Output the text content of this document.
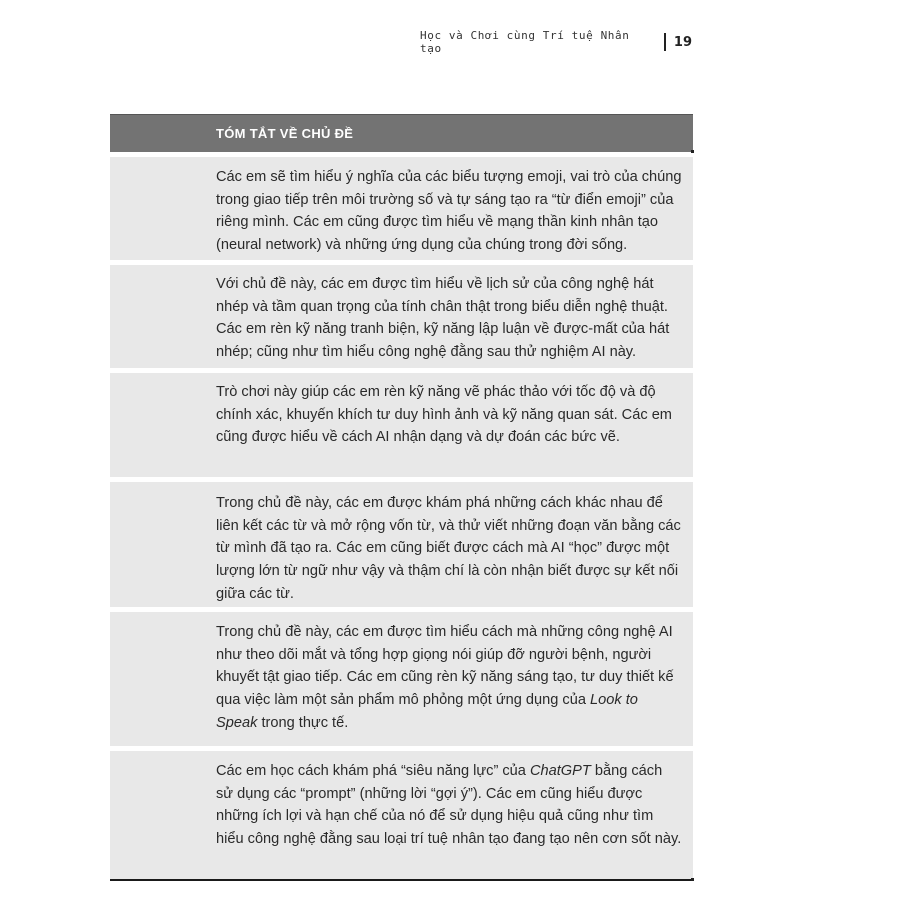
Học và Chơi cùng Trí tuệ Nhân tạo	19
TÓM TẮT VỀ CHỦ ĐỀ

Các em sẽ tìm hiểu ý nghĩa của các biểu tượng emoji, vai trò của chúng trong giao tiếp trên môi trường số và tự sáng tạo ra “từ điển emoji” của riêng mình. Các em cũng được tìm hiểu về mạng thần kinh nhân tạo (neural network) và những ứng dụng của chúng trong đời sống.

Với chủ đề này, các em được tìm hiểu về lịch sử của công nghệ hát nhép và tầm quan trọng của tính chân thật trong biểu diễn nghệ thuật. Các em rèn kỹ năng tranh biện, kỹ năng lập luận về được-mất của hát nhép; cũng như tìm hiểu công nghệ đằng sau thử nghiệm AI này.

Trò chơi này giúp các em rèn kỹ năng vẽ phác thảo với tốc độ và độ chính xác, khuyến khích tư duy hình ảnh và kỹ năng quan sát. Các em cũng được hiểu về cách AI nhận dạng và dự đoán các bức vẽ.

Trong chủ đề này, các em được khám phá những cách khác nhau để liên kết các từ và mở rộng vốn từ, và thử viết những đoạn văn bằng các từ mình đã tạo ra. Các em cũng biết được cách mà AI “học” được một lượng lớn từ ngữ như vậy và thậm chí là còn nhận biết được sự kết nối giữa các từ.

Trong chủ đề này, các em được tìm hiểu cách mà những công nghệ AI như theo dõi mắt và tổng hợp giọng nói giúp đỡ người bệnh, người khuyết tật giao tiếp. Các em cũng rèn kỹ năng sáng tạo, tư duy thiết kế qua việc làm một sản phẩm mô phỏng một ứng dụng của Look to Speak trong thực tế.

Các em học cách khám phá “siêu năng lực” của ChatGPT bằng cách sử dụng các “prompt” (những lời “gợi ý”). Các em cũng hiểu được những ích lợi và hạn chế của nó để sử dụng hiệu quả cũng như tìm hiểu công nghệ đằng sau loại trí tuệ nhân tạo đang tạo nên cơn sốt này.
